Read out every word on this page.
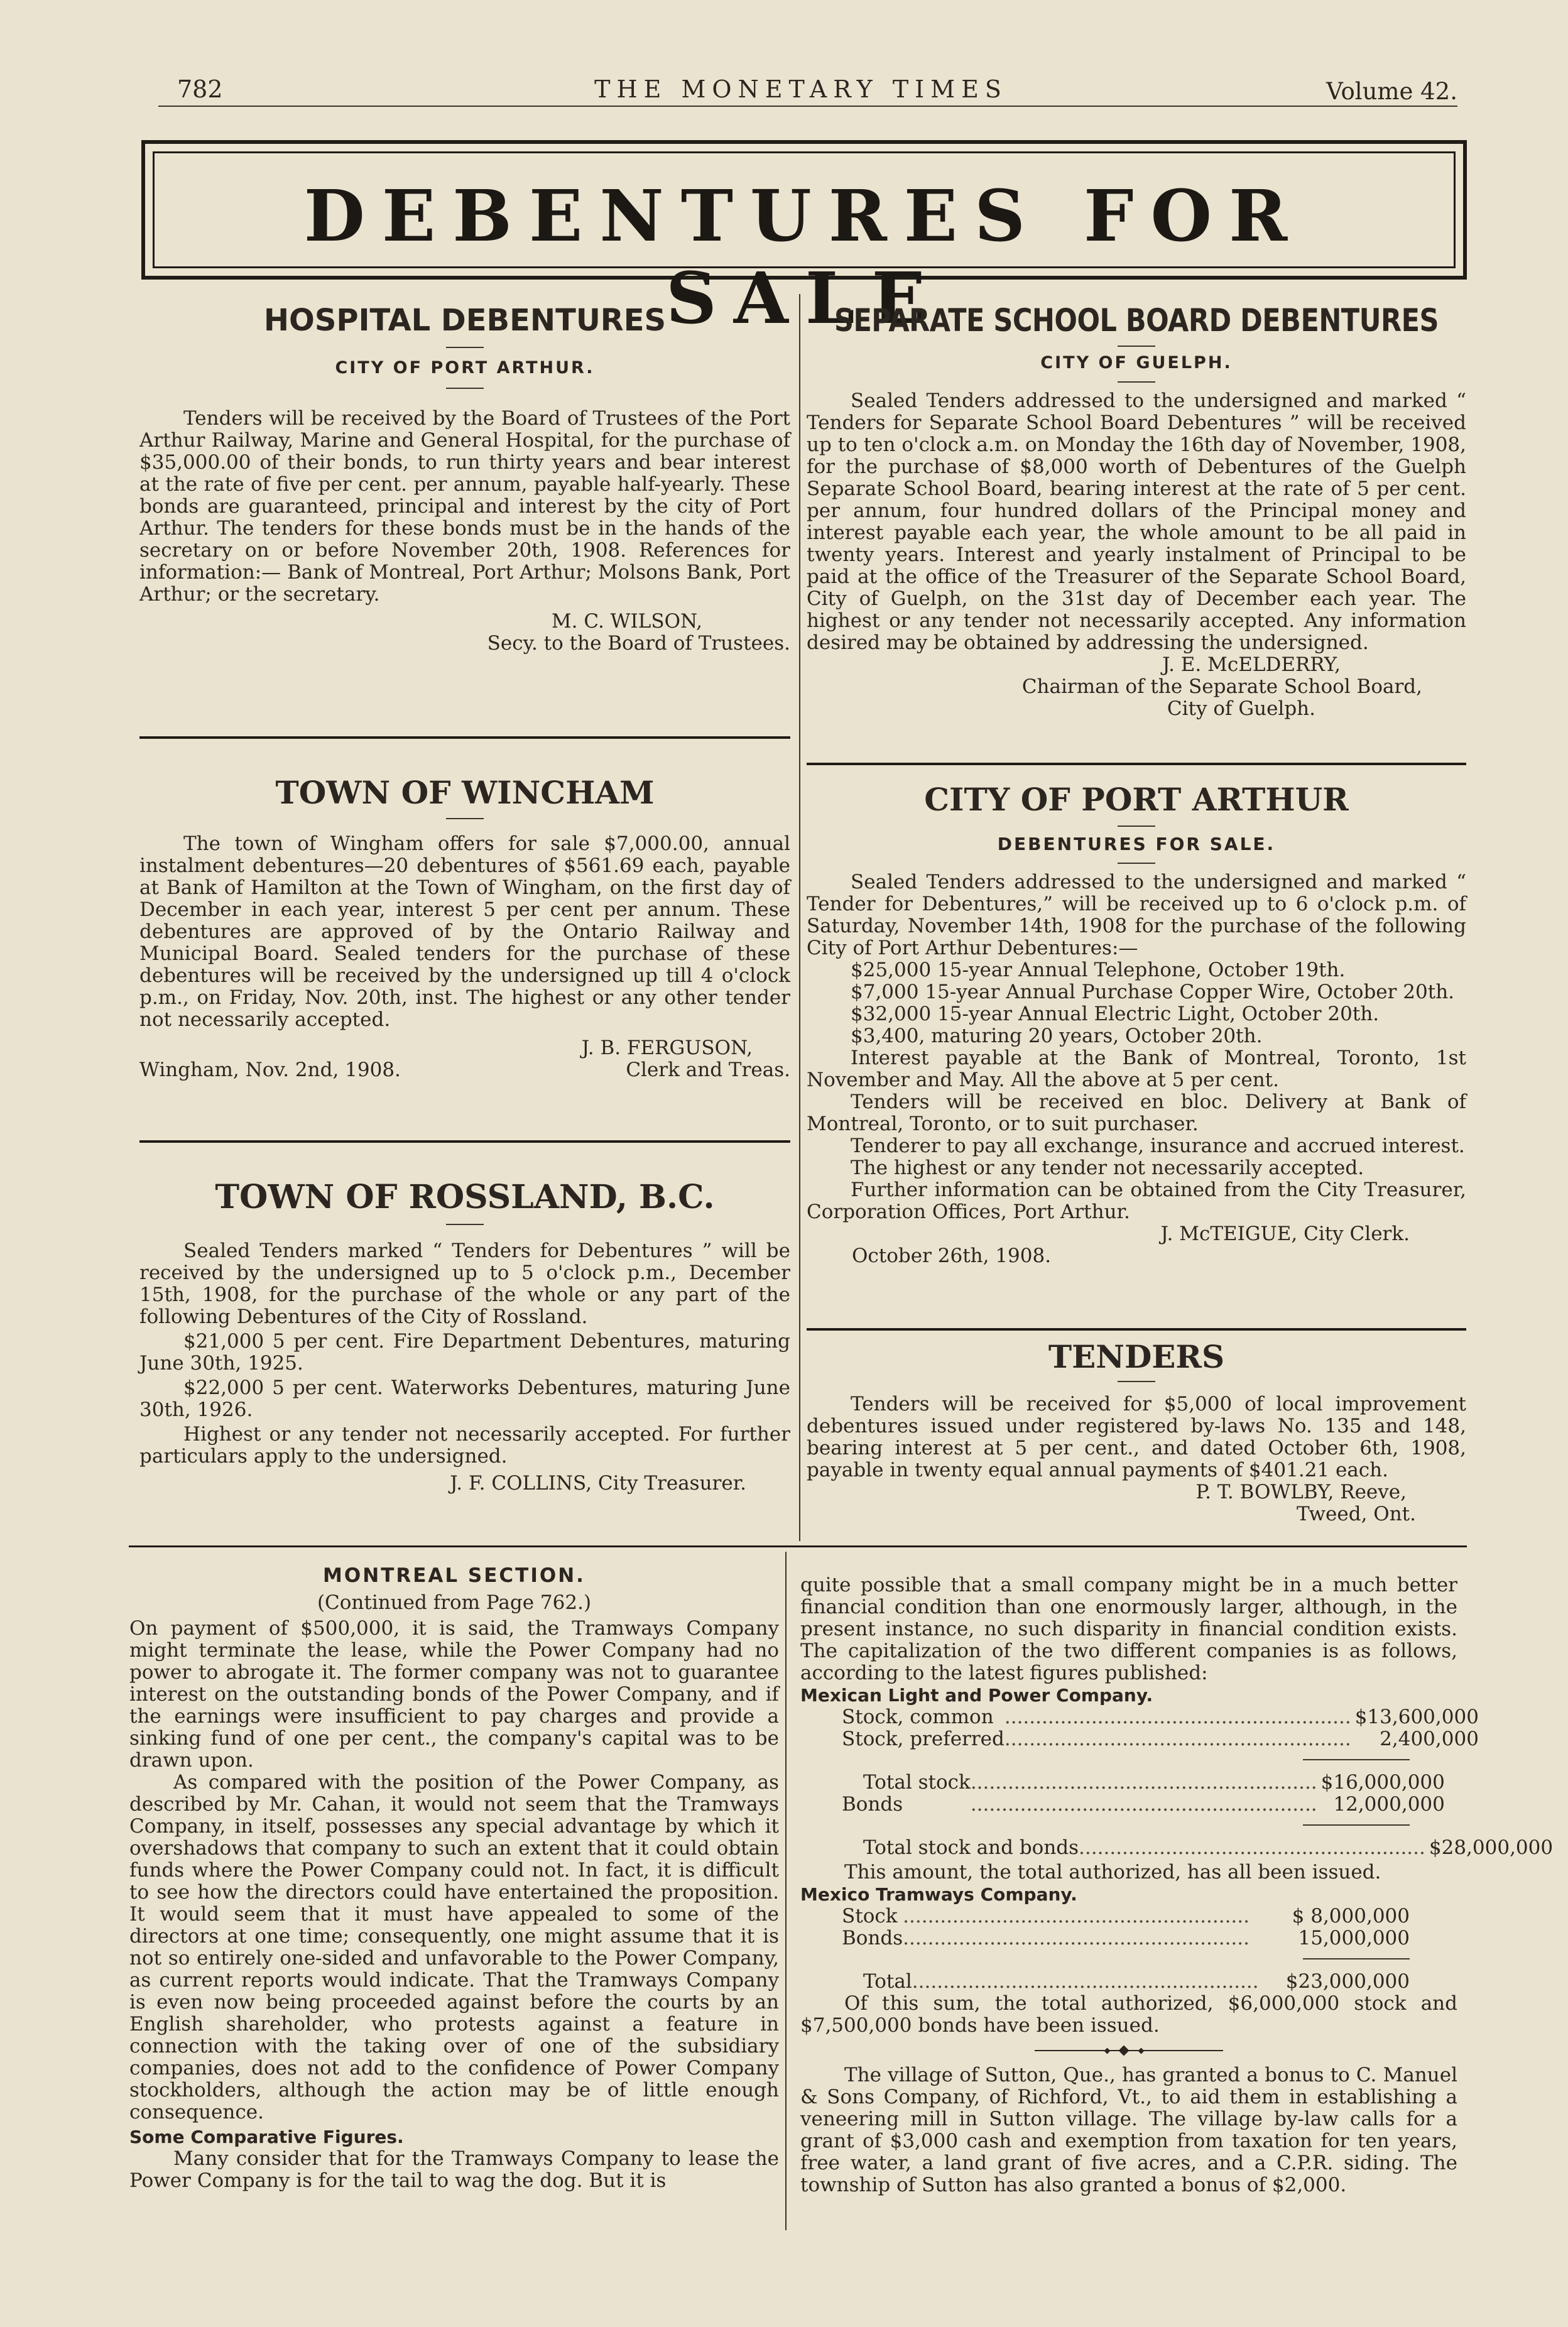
782	THE MONETARY TIMES	Volume 42.
DEBENTURES FOR SALE
HOSPITAL DEBENTURES
CITY OF PORT ARTHUR.

Tenders will be received by the Board of Trustees of the Port Arthur Railway, Marine and General Hospital, for the purchase of $35,000.00 of their bonds, to run thirty years and bear interest at the rate of five per cent. per annum, payable half-yearly. These bonds are guaranteed, principal and interest by the city of Port Arthur. The tenders for these bonds must be in the hands of the secretary on or before November 20th, 1908. References for information:— Bank of Montreal, Port Arthur; Molsons Bank, Port Arthur; or the secretary.

M. C. WILSON,
Secy. to the Board of Trustees.
TOWN OF WINCHAM

The town of Wingham offers for sale $7,000.00, annual instalment debentures—20 debentures of $561.69 each, payable at Bank of Hamilton at the Town of Wingham, on the first day of December in each year, interest 5 per cent per annum. These debentures are approved of by the Ontario Railway and Municipal Board. Sealed tenders for the purchase of these debentures will be received by the undersigned up till 4 o'clock p.m., on Friday, Nov. 20th, inst. The highest or any other tender not necessarily accepted.

J. B. FERGUSON,
Wingham, Nov. 2nd, 1908.	Clerk and Treas.
TOWN OF ROSSLAND, B.C.

Sealed Tenders marked “ Tenders for Debentures ” will be received by the undersigned up to 5 o'clock p.m., December 15th, 1908, for the purchase of the whole or any part of the following Debentures of the City of Rossland.

$21,000 5 per cent. Fire Department Debentures, maturing June 30th, 1925.

$22,000 5 per cent. Waterworks Debentures, maturing June 30th, 1926.

Highest or any tender not necessarily accepted. For further particulars apply to the undersigned.

J. F. COLLINS, City Treasurer.
SEPARATE SCHOOL BOARD DEBENTURES
CITY OF GUELPH.

Sealed Tenders addressed to the undersigned and marked “ Tenders for Separate School Board Debentures ” will be received up to ten o'clock a.m. on Monday the 16th day of November, 1908, for the purchase of $8,000 worth of Debentures of the Guelph Separate School Board, bearing interest at the rate of 5 per cent. per annum, four hundred dollars of the Principal money and interest payable each year, the whole amount to be all paid in twenty years. Interest and yearly instalment of Principal to be paid at the office of the Treasurer of the Separate School Board, City of Guelph, on the 31st day of December each year. The highest or any tender not necessarily accepted. Any information desired may be obtained by addressing the undersigned.

J. E. McELDERRY,
Chairman of the Separate School Board,
City of Guelph.
CITY OF PORT ARTHUR
DEBENTURES FOR SALE.

Sealed Tenders addressed to the undersigned and marked “ Tender for Debentures,” will be received up to 6 o'clock p.m. of Saturday, November 14th, 1908 for the purchase of the following City of Port Arthur Debentures:—

$25,000 15-year Annual Telephone, October 19th.

$7,000 15-year Annual Purchase Copper Wire, October 20th.

$32,000 15-year Annual Electric Light, October 20th.

$3,400, maturing 20 years, October 20th.

Interest payable at the Bank of Montreal, Toronto, 1st November and May. All the above at 5 per cent.

Tenders will be received en bloc. Delivery at Bank of Montreal, Toronto, or to suit purchaser.

Tenderer to pay all exchange, insurance and accrued interest.

The highest or any tender not necessarily accepted.

Further information can be obtained from the City Treasurer, Corporation Offices, Port Arthur.

J. McTEIGUE, City Clerk.
October 26th, 1908.
TENDERS

Tenders will be received for $5,000 of local improvement debentures issued under registered by-laws No. 135 and 148, bearing interest at 5 per cent., and dated October 6th, 1908, payable in twenty equal annual payments of $401.21 each.

P. T. BOWLBY, Reeve,
Tweed, Ont.
MONTREAL SECTION.
(Continued from Page 762.)

On payment of $500,000, it is said, the Tramways Company might terminate the lease, while the Power Company had no power to abrogate it. The former company was not to guarantee interest on the outstanding bonds of the Power Company, and if the earnings were insufficient to pay charges and provide a sinking fund of one per cent., the company's capital was to be drawn upon.

As compared with the position of the Power Company, as described by Mr. Cahan, it would not seem that the Tramways Company, in itself, possesses any special advantage by which it overshadows that company to such an extent that it could obtain funds where the Power Company could not. In fact, it is difficult to see how the directors could have entertained the proposition. It would seem that it must have appealed to some of the directors at one time; consequently, one might assume that it is not so entirely one-sided and unfavorable to the Power Company, as current reports would indicate. That the Tramways Company is even now being proceeded against before the courts by an English shareholder, who protests against a feature in connection with the taking over of one of the subsidiary companies, does not add to the confidence of Power Company stockholders, although the action may be of little enough consequence.

Some Comparative Figures.

Many consider that for the Tramways Company to lease the Power Company is for the tail to wag the dog. But it is

quite possible that a small company might be in a much better financial condition than one enormously larger, although, in the present instance, no such disparity in financial condition exists. The capitalization of the two different companies is as follows, according to the latest figures published:

Mexican Light and Power Company.
Stock, common	........................................................	$13,600,000
Stock, preferred	........................................................	2,400,000
Total stock	........................................................	$16,000,000
Bonds	........................................................	12,000,000
Total stock and bonds	........................................................	$28,000,000

This amount, the total authorized, has all been issued.

Mexico Tramways Company.
Stock	........................................................	$ 8,000,000
Bonds	........................................................	15,000,000
Total	........................................................	$23,000,000

Of this sum, the total authorized, $6,000,000 stock and $7,500,000 bonds have been issued.

The village of Sutton, Que., has granted a bonus to C. Manuel & Sons Company, of Richford, Vt., to aid them in establishing a veneering mill in Sutton village. The village by-law calls for a grant of $3,000 cash and exemption from taxation for ten years, free water, a land grant of five acres, and a C.P.R. siding. The township of Sutton has also granted a bonus of $2,000.
